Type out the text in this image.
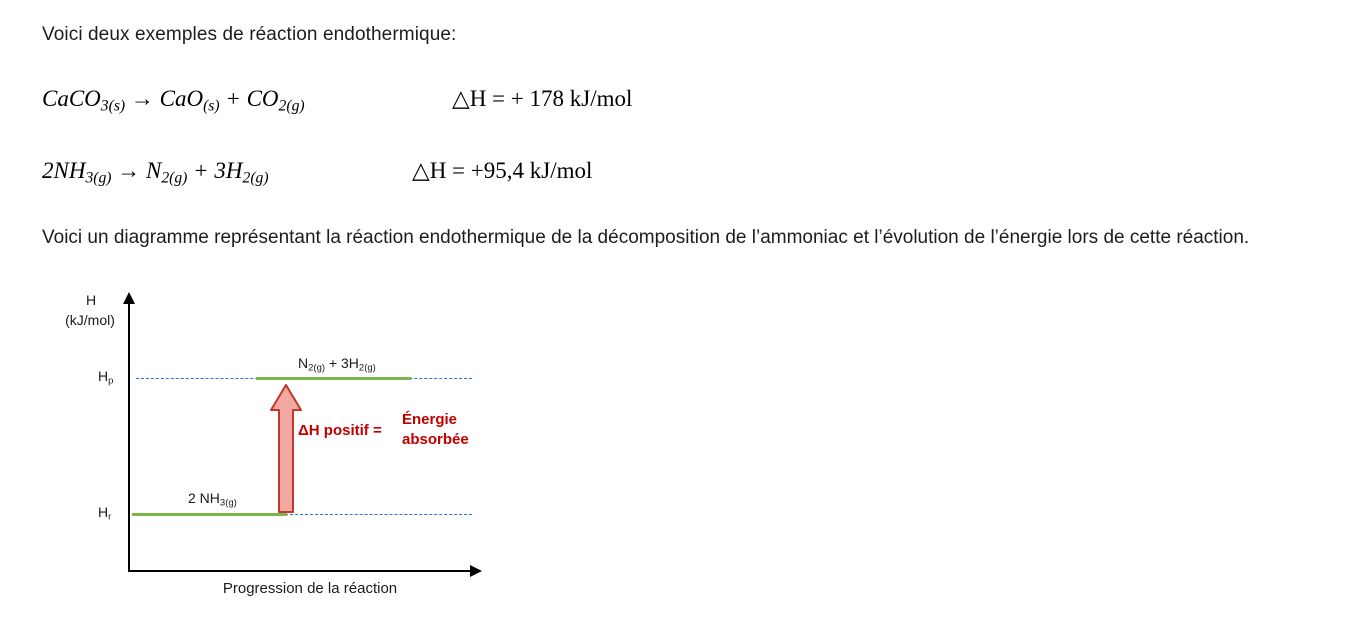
Voici deux exemples de réaction endothermique:
CaCO$_{3(s)}$ → $CaO_{(s)} + CO_{2(g)}$	△H = + 178 kJ/mol
$2NH_{3(g)} \to N_{2(g)} + 3H_{2(g)}$	△H = +95,4 kJ/mol
Voici un diagramme représentant la réaction endothermique de la décomposition de l’ammoniac et l’évolution de l’énergie lors de cette réaction.
H
(kJ/mol)
$H_p$
$H_r$
$N_{2(g)} + 3H_{2(g)}$
2 $NH_{3(g)}$
ΔH positif =
Énergie
absorbée
Progression de la réaction
